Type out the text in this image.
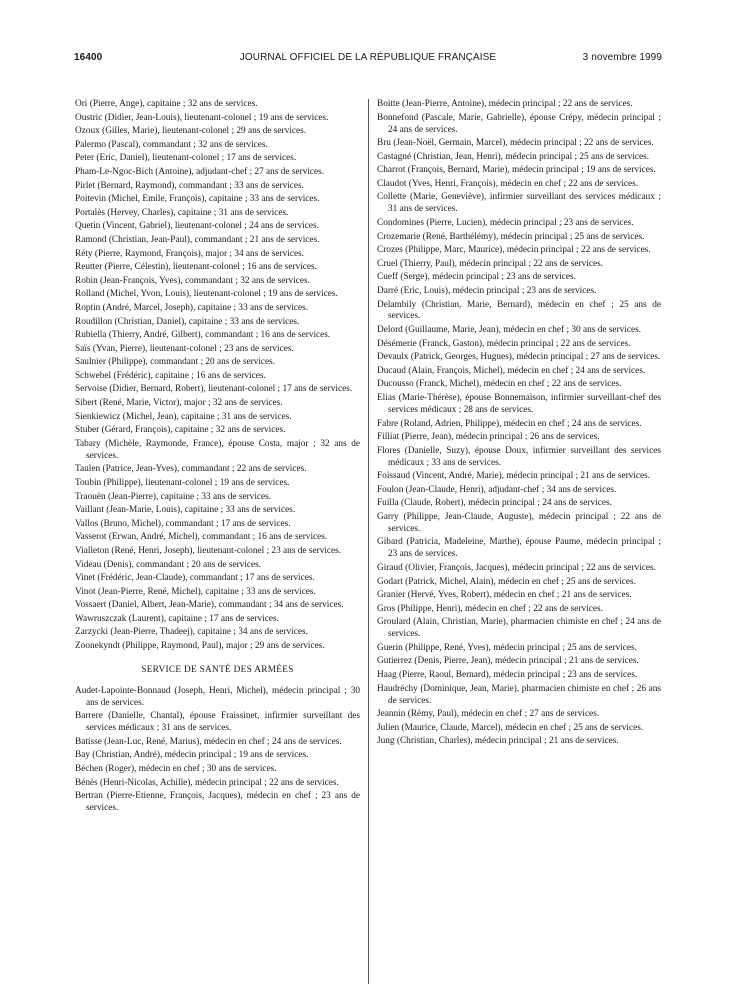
16400	JOURNAL OFFICIEL DE LA RÉPUBLIQUE FRANÇAISE	3 novembre 1999

Ori (Pierre, Ange), capitaine ; 32 ans de services.

Oustric (Didier, Jean-Louis), lieutenant-colonel ; 19 ans de services.

Ozoux (Gilles, Marie), lieutenant-colonel ; 29 ans de services.

Palermo (Pascal), commandant ; 32 ans de services.

Peter (Eric, Daniel), lieutenant-colonel ; 17 ans de services.

Pham-Le-Ngoc-Bich (Antoine), adjudant-chef ; 27 ans de services.

Pirlet (Bernard, Raymond), commandant ; 33 ans de services.

Poitevin (Michel, Emile, François), capitaine ; 33 ans de services.

Portalès (Hervey, Charles), capitaine ; 31 ans de services.

Quetin (Vincent, Gabriel), lieutenant-colonel ; 24 ans de services.

Ramond (Christian, Jean-Paul), commandant ; 21 ans de services.

Réty (Pierre, Raymond, François), major ; 34 ans de services.

Reutter (Pierre, Célestin), lieutenant-colonel ; 16 ans de services.

Robin (Jean-François, Yves), commandant ; 32 ans de services.

Rolland (Michel, Yvon, Louis), lieutenant-colonel ; 19 ans de services.

Roptin (André, Marcel, Joseph), capitaine ; 33 ans de services.

Roudillon (Christian, Daniel), capitaine ; 33 ans de services.

Rubiella (Thierry, André, Gilbert), commandant ; 16 ans de services.

Saïs (Yvan, Pierre), lieutenant-colonel ; 23 ans de services.

Saulnier (Philippe), commandant ; 20 ans de services.

Schwebel (Frédéric), capitaine ; 16 ans de services.

Servoise (Didier, Bernard, Robert), lieutenant-colonel ; 17 ans de services.

Sibert (René, Marie, Victor), major ; 32 ans de services.

Sienkiewicz (Michel, Jean), capitaine ; 31 ans de services.

Stuber (Gérard, François), capitaine ; 32 ans de services.

Tabary (Michèle, Raymonde, France), épouse Costa, major ; 32 ans de services.

Taulen (Patrice, Jean-Yves), commandant ; 22 ans de services.

Toubin (Philippe), lieutenant-colonel ; 19 ans de services.

Traouën (Jean-Pierre), capitaine ; 33 ans de services.

Vaillant (Jean-Marie, Louis), capitaine ; 33 ans de services.

Vallos (Bruno, Michel), commandant ; 17 ans de services.

Vasserot (Erwan, André, Michel), commandant ; 16 ans de services.

Vialleton (René, Henri, Joseph), lieutenant-colonel ; 23 ans de services.

Videau (Denis), commandant ; 20 ans de services.

Vinet (Frédéric, Jean-Claude), commandant ; 17 ans de services.

Vinot (Jean-Pierre, René, Michel), capitaine ; 33 ans de services.

Vossaert (Daniel, Albert, Jean-Marie), commandant ; 34 ans de services.

Wawruszczak (Laurent), capitaine ; 17 ans de services.

Zarzycki (Jean-Pierre, Thadeej), capitaine ; 34 ans de services.

Zoonekyndt (Philippe, Raymond, Paul), major ; 29 ans de services.

SERVICE DE SANTÉ DES ARMÉES

Audet-Lapointe-Bonnaud (Joseph, Henri, Michel), médecin principal ; 30 ans de services.

Barrere (Danielle, Chantal), épouse Fraissinet, infirmier surveillant des services médicaux ; 31 ans de services.

Batisse (Jean-Luc, René, Marius), médecin en chef ; 24 ans de services.

Bay (Christian, André), médecin principal ; 19 ans de services.

Béchen (Roger), médecin en chef ; 30 ans de services.

Bénès (Henri-Nicolas, Achille), médecin principal ; 22 ans de services.

Bertran (Pierre-Etienne, François, Jacques), médecin en chef ; 23 ans de services.

Boitte (Jean-Pierre, Antoine), médecin principal ; 22 ans de services.

Bonnefond (Pascale, Marie, Gabrielle), épouse Crépy, médecin principal ; 24 ans de services.

Bru (Jean-Noël, Germain, Marcel), médecin principal ; 22 ans de services.

Castagné (Christian, Jean, Henri), médecin principal ; 25 ans de services.

Charrot (François, Bernard, Marie), médecin principal ; 19 ans de services.

Claudot (Yves, Henri, François), médecin en chef ; 22 ans de services.

Collette (Marie, Geneviève), infirmier surveillant des services médicaux ; 31 ans de services.

Condomines (Pierre, Lucien), médecin principal ; 23 ans de services.

Crozemarie (René, Barthélémy), médecin principal ; 25 ans de services.

Crozes (Philippe, Marc, Maurice), médecin principal ; 22 ans de services.

Cruel (Thierry, Paul), médecin principal ; 22 ans de services.

Cueff (Serge), médecin principal ; 23 ans de services.

Darré (Eric, Louis), médecin principal ; 23 ans de services.

Delambily (Christian, Marie, Bernard), médecin en chef ; 25 ans de services.

Delord (Guillaume, Marie, Jean), médecin en chef ; 30 ans de services.

Désémerie (Franck, Gaston), médecin principal ; 22 ans de services.

Devaulx (Patrick, Georges, Hugues), médecin principal ; 27 ans de services.

Ducaud (Alain, François, Michel), médecin en chef ; 24 ans de services.

Ducousso (Franck, Michel), médecin en chef ; 22 ans de services.

Elias (Marie-Thérèse), épouse Bonnemaison, infirmier surveillant-chef des services médicaux ; 28 ans de services.

Fabre (Roland, Adrien, Philippe), médecin en chef ; 24 ans de services.

Filliat (Pierre, Jean), médecin principal ; 26 ans de services.

Flores (Danielle, Suzy), épouse Doux, infirmier surveillant des services médicaux ; 33 ans de services.

Foissaud (Vincent, André, Marie), médecin principal ; 21 ans de services.

Foulon (Jean-Claude, Henri), adjudant-chef ; 34 ans de services.

Fuilla (Claude, Robert), médecin principal ; 24 ans de services.

Garry (Philippe, Jean-Claude, Auguste), médecin principal ; 22 ans de services.

Gibard (Patricia, Madeleine, Marthe), épouse Paume, médecin principal ; 23 ans de services.

Giraud (Olivier, François, Jacques), médecin principal ; 22 ans de services.

Godart (Patrick, Michel, Alain), médecin en chef ; 25 ans de services.

Granier (Hervé, Yves, Robert), médecin en chef ; 21 ans de services.

Gros (Philippe, Henri), médecin en chef ; 22 ans de services.

Groulard (Alain, Christian, Marie), pharmacien chimiste en chef ; 24 ans de services.

Guerin (Philippe, René, Yves), médecin principal ; 25 ans de services.

Gutierrez (Denis, Pierre, Jean), médecin principal ; 21 ans de services.

Haag (Pierre, Raoul, Bernard), médecin principal ; 23 ans de services.

Haudréchy (Dominique, Jean, Marie), pharmacien chimiste en chef ; 26 ans de services.

Jeannin (Rémy, Paul), médecin en chef ; 27 ans de services.

Julien (Maurice, Claude, Marcel), médecin en chef ; 25 ans de services.

Jung (Christian, Charles), médecin principal ; 21 ans de services.
